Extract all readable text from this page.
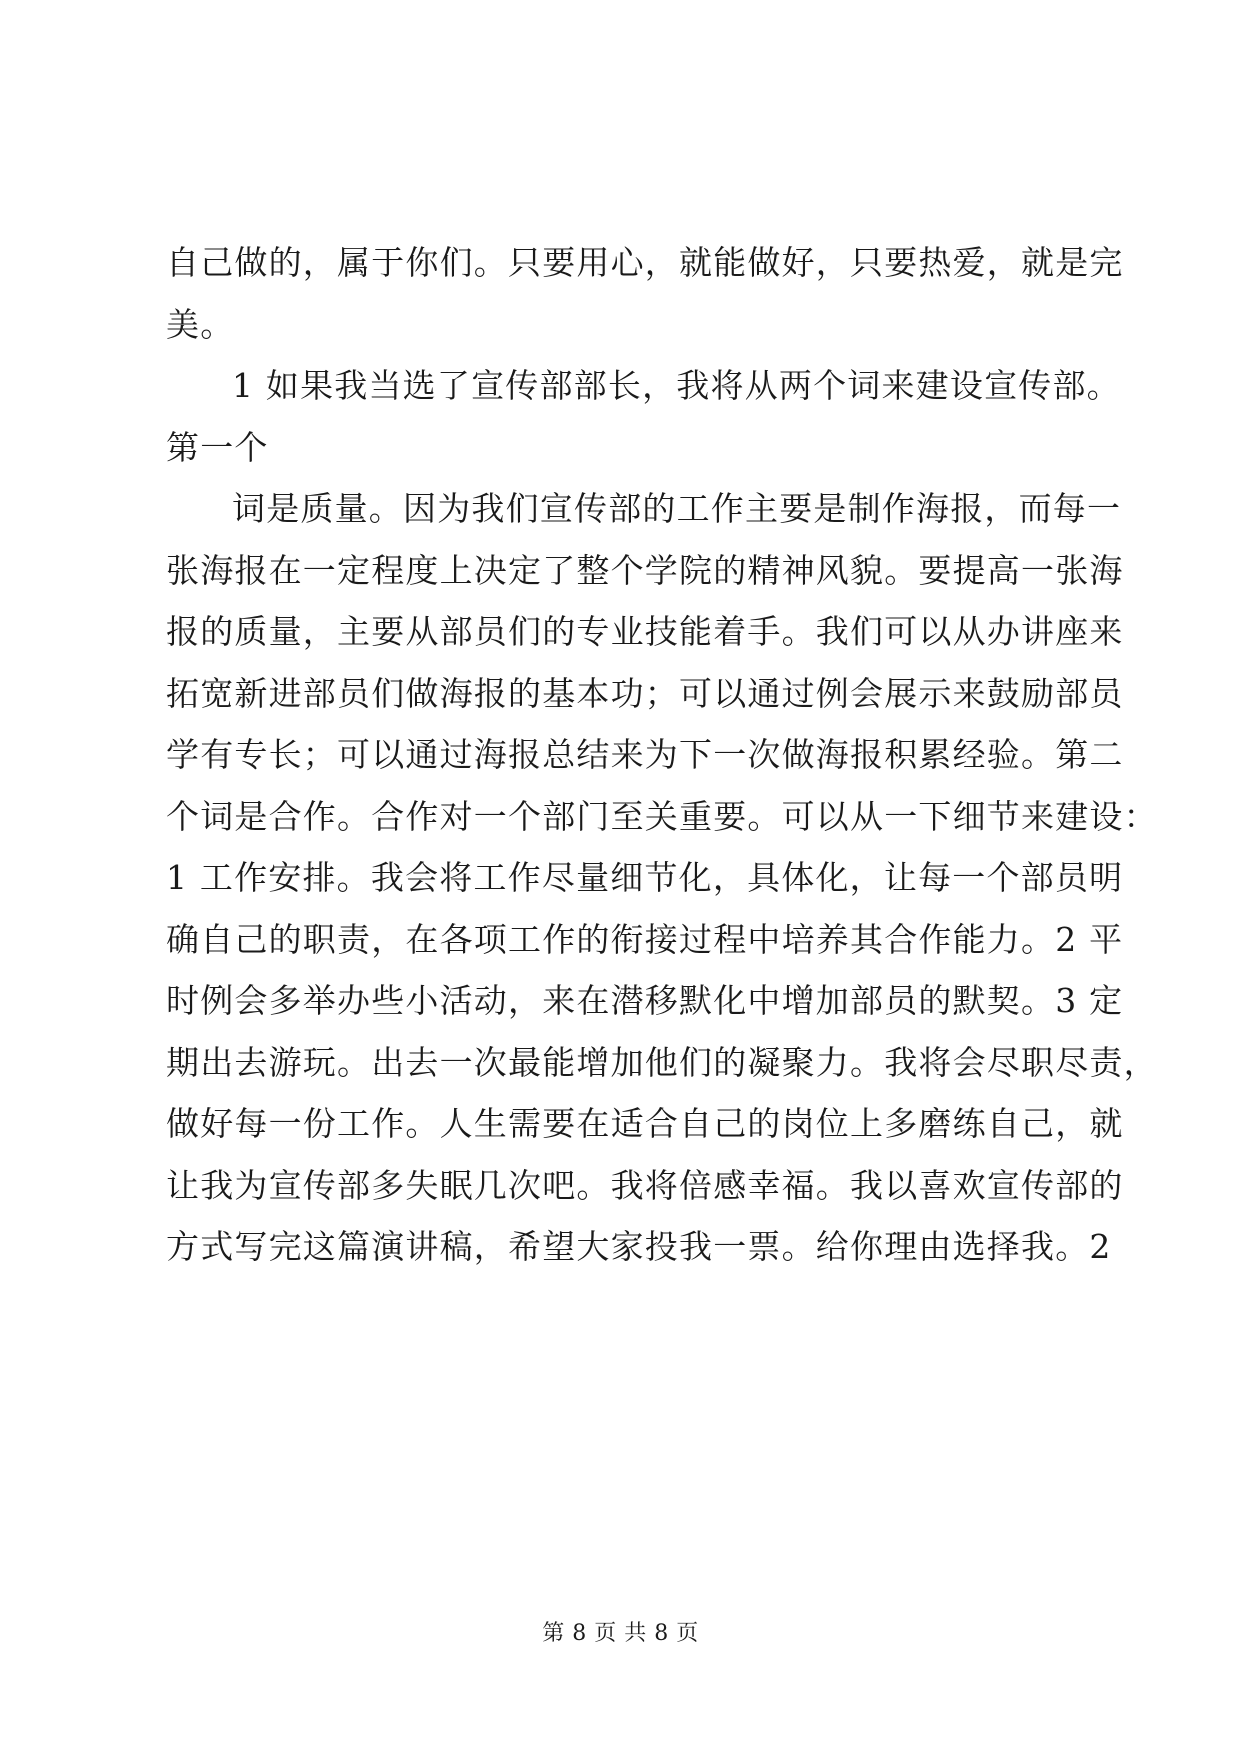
自己做的，属于你们。只要用心，就能做好，只要热爱，就是完
美。

1 如果我当选了宣传部部长，我将从两个词来建设宣传部。
第一个

词是质量。因为我们宣传部的工作主要是制作海报，而每一
张海报在一定程度上决定了整个学院的精神风貌。要提高一张海
报的质量，主要从部员们的专业技能着手。我们可以从办讲座来
拓宽新进部员们做海报的基本功；可以通过例会展示来鼓励部员
学有专长；可以通过海报总结来为下一次做海报积累经验。第二
个词是合作。合作对一个部门至关重要。可以从一下细节来建设：
1 工作安排。我会将工作尽量细节化，具体化，让每一个部员明
确自己的职责，在各项工作的衔接过程中培养其合作能力。2 平
时例会多举办些小活动，来在潜移默化中增加部员的默契。3 定
期出去游玩。出去一次最能增加他们的凝聚力。我将会尽职尽责，
做好每一份工作。人生需要在适合自己的岗位上多磨练自己，就
让我为宣传部多失眠几次吧。我将倍感幸福。我以喜欢宣传部的
方式写完这篇演讲稿，希望大家投我一票。给你理由选择我。2

第 8 页 共 8 页
